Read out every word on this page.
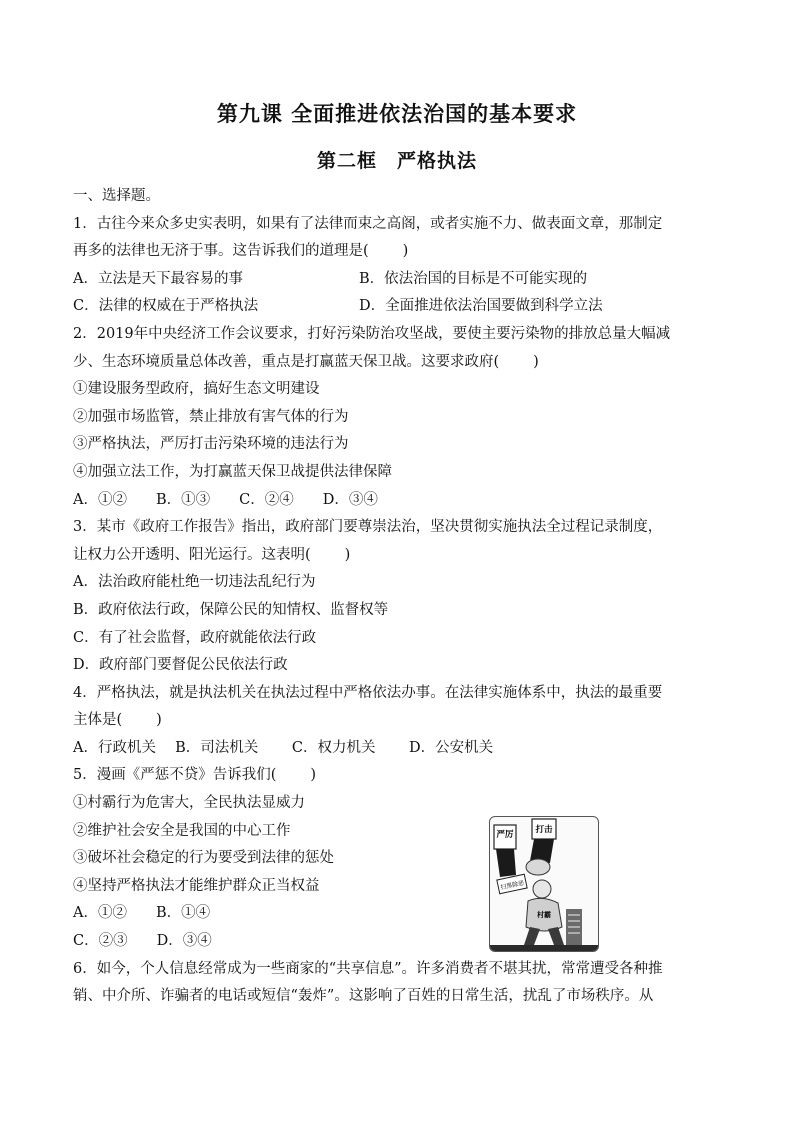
第九课 全面推进依法治国的基本要求
第二框　严格执法
一、选择题。
1．古往今来众多史实表明，如果有了法律而束之高阁，或者实施不力、做表面文章，那制定
再多的法律也无济于事。这告诉我们的道理是( )
A．立法是天下最容易的事	B．依法治国的目标是不可能实现的
C．法律的权威在于严格执法	D．全面推进依法治国要做到科学立法
2．2019年中央经济工作会议要求，打好污染防治攻坚战，要使主要污染物的排放总量大幅减
少、生态环境质量总体改善，重点是打赢蓝天保卫战。这要求政府( )
①建设服务型政府，搞好生态文明建设
②加强市场监管，禁止排放有害气体的行为
③严格执法，严厉打击污染环境的违法行为
④加强立法工作，为打赢蓝天保卫战提供法律保障
A．①②　　B．①③　　C．②④　　D．③④
3．某市《政府工作报告》指出，政府部门要尊崇法治，坚决贯彻实施执法全过程记录制度，
让权力公开透明、阳光运行。这表明( )
A．法治政府能杜绝一切违法乱纪行为
B．政府依法行政，保障公民的知情权、监督权等
C．有了社会监督，政府就能依法行政
D．政府部门要督促公民依法行政
4．严格执法，就是执法机关在执法过程中严格依法办事。在法律实施体系中，执法的最重要
主体是( )
A．行政机关　 B．司法机关　　 C．权力机关　　 D．公安机关
5．漫画《严惩不贷》告诉我们( )
①村霸行为危害大，全民执法显威力
②维护社会安全是我国的中心工作
③破坏社会稳定的行为要受到法律的惩处
④坚持严格执法才能维护群众正当权益
A．①②　　B．①④
C．②③　　D．③④
6．如今，个人信息经常成为一些商家的“共享信息”。许多消费者不堪其扰，常常遭受各种推
销、中介所、诈骗者的电话或短信“轰炸”。这影响了百姓的日常生活，扰乱了市场秩序。从
严厉	打击
扫黑除恶
村霸
